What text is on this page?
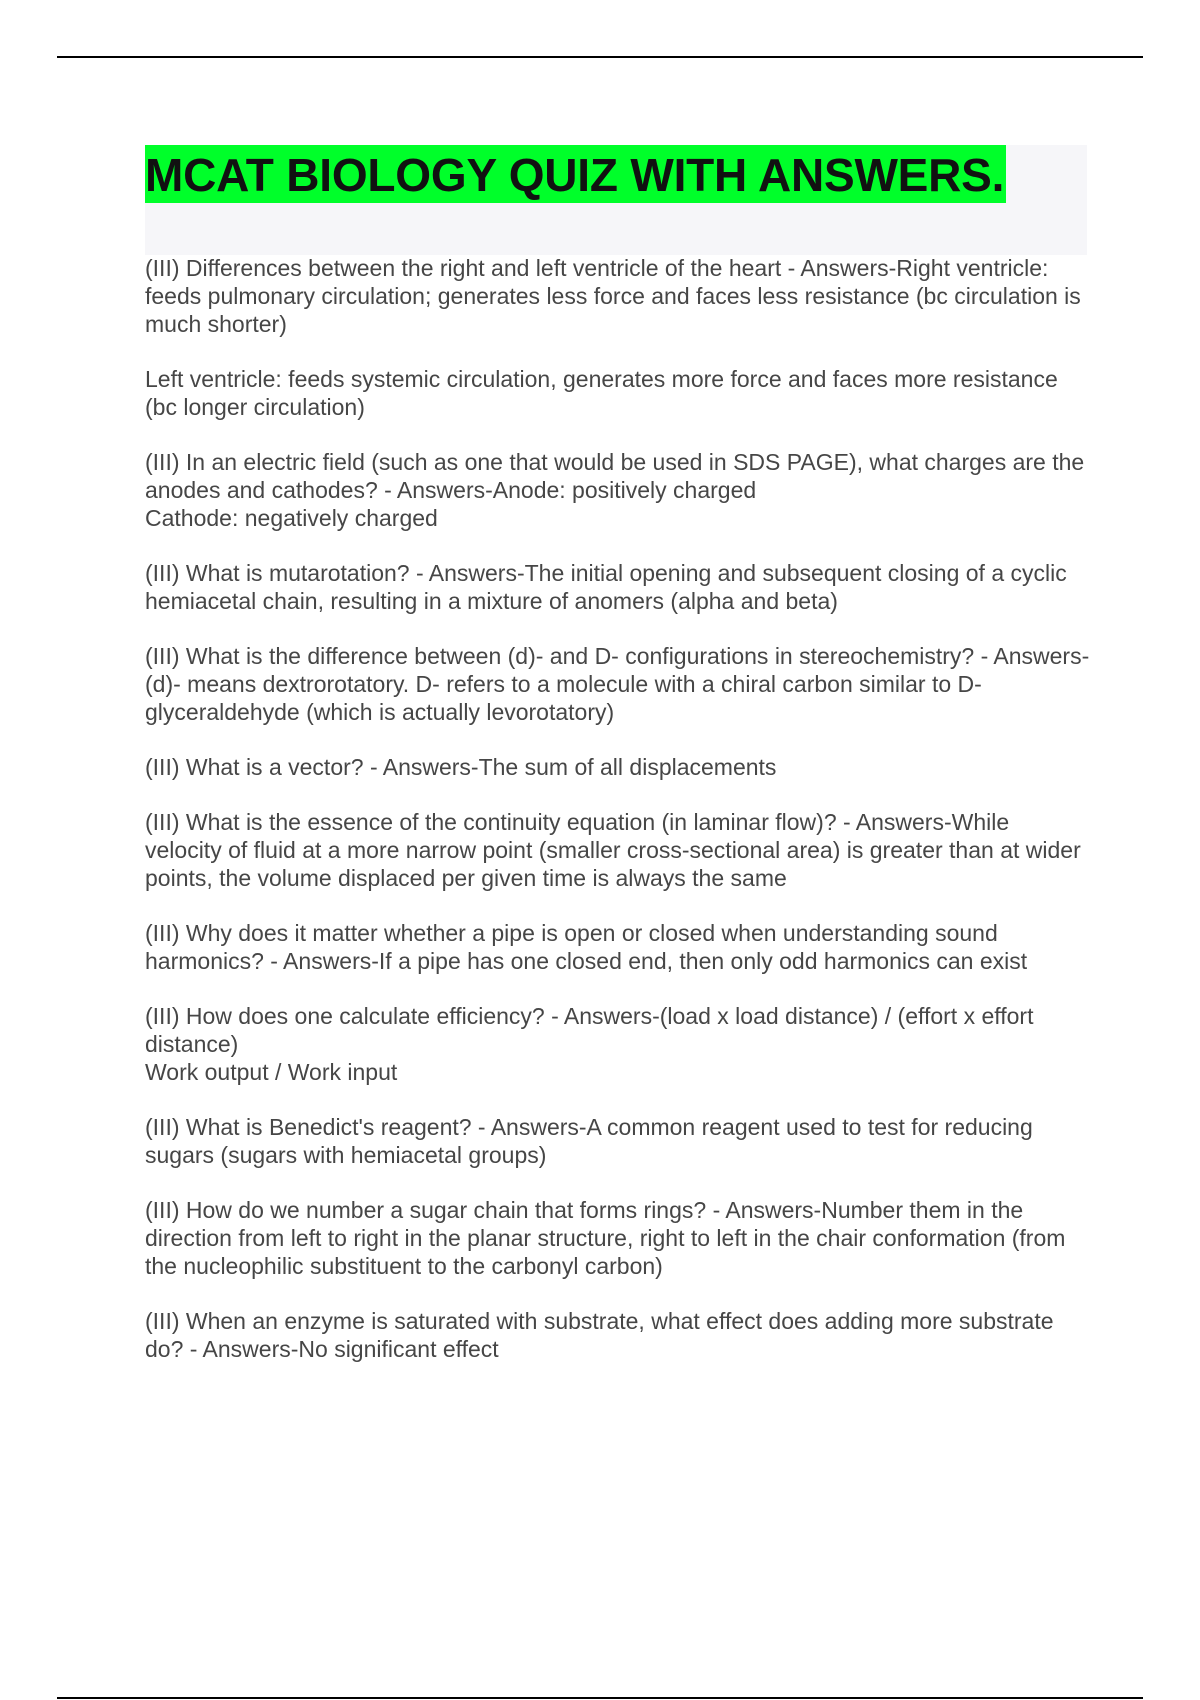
MCAT BIOLOGY QUIZ WITH ANSWERS.
(III) Differences between the right and left ventricle of the heart - Answers-Right ventricle: feeds pulmonary circulation; generates less force and faces less resistance (bc circulation is much shorter)
Left ventricle: feeds systemic circulation, generates more force and faces more resistance (bc longer circulation)
(III) In an electric field (such as one that would be used in SDS PAGE), what charges are the anodes and cathodes? - Answers-Anode: positively charged
Cathode: negatively charged
(III) What is mutarotation? - Answers-The initial opening and subsequent closing of a cyclic hemiacetal chain, resulting in a mixture of anomers (alpha and beta)
(III) What is the difference between (d)- and D- configurations in stereochemistry? - Answers-(d)- means dextrorotatory. D- refers to a molecule with a chiral carbon similar to D-glyceraldehyde (which is actually levorotatory)
(III) What is a vector? - Answers-The sum of all displacements
(III) What is the essence of the continuity equation (in laminar flow)? - Answers-While velocity of fluid at a more narrow point (smaller cross-sectional area) is greater than at wider points, the volume displaced per given time is always the same
(III) Why does it matter whether a pipe is open or closed when understanding sound harmonics? - Answers-If a pipe has one closed end, then only odd harmonics can exist
(III) How does one calculate efficiency? - Answers-(load x load distance) / (effort x effort distance)
Work output / Work input
(III) What is Benedict's reagent? - Answers-A common reagent used to test for reducing sugars (sugars with hemiacetal groups)
(III) How do we number a sugar chain that forms rings? - Answers-Number them in the direction from left to right in the planar structure, right to left in the chair conformation (from the nucleophilic substituent to the carbonyl carbon)
(III) When an enzyme is saturated with substrate, what effect does adding more substrate do? - Answers-No significant effect
